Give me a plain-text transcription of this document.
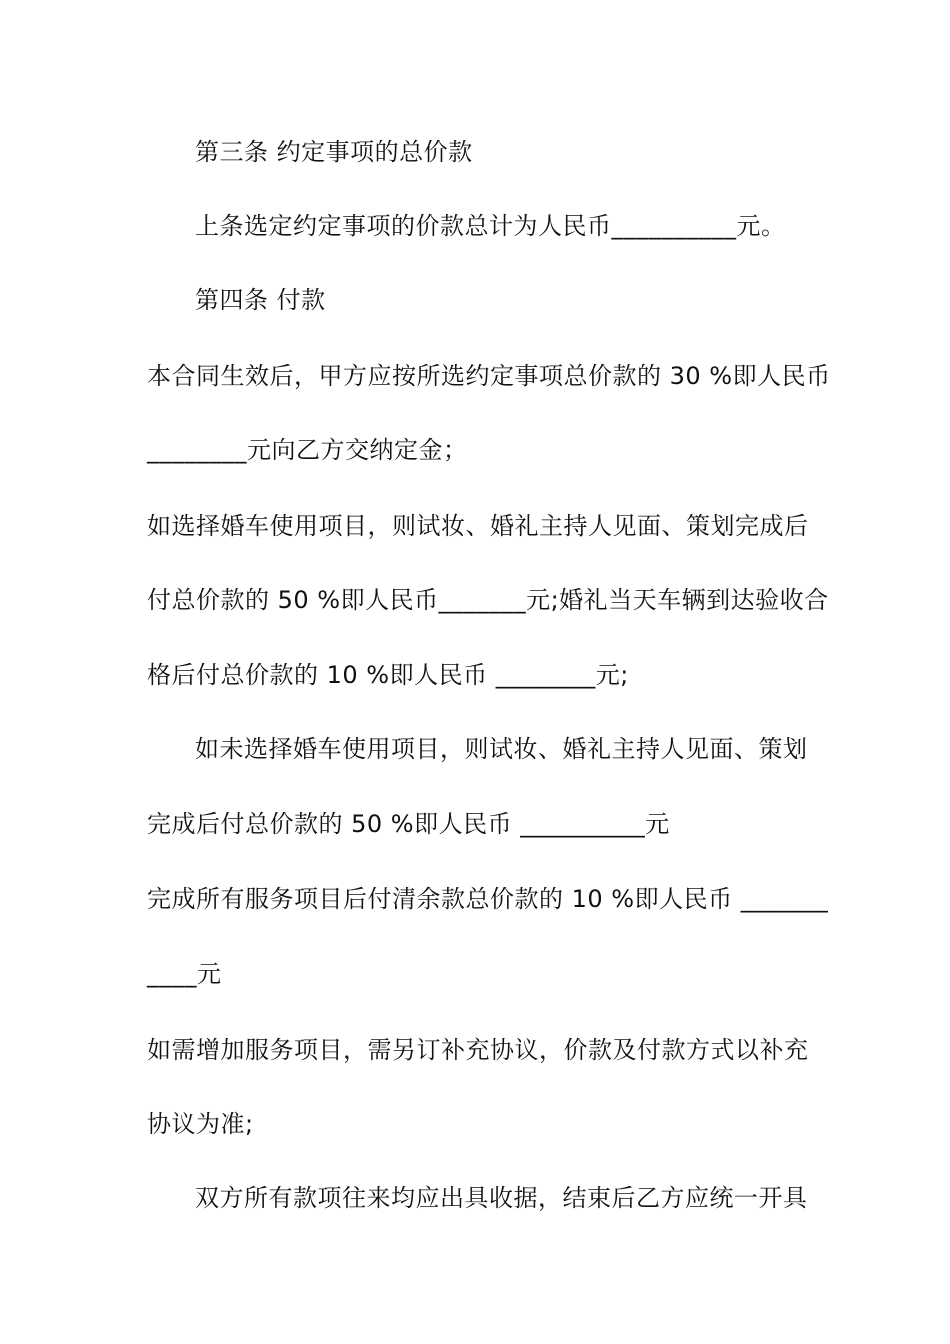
第三条 约定事项的总价款
上条选定约定事项的价款总计为人民币__________元。
第四条 付款
本合同生效后，甲方应按所选约定事项总价款的 30 %即人民币
________元向乙方交纳定金；
如选择婚车使用项目，则试妆、婚礼主持人见面、策划完成后
付总价款的 50 %即人民币_______元;婚礼当天车辆到达验收合
格后付总价款的 10 %即人民币 ________元;
如未选择婚车使用项目，则试妆、婚礼主持人见面、策划
完成后付总价款的 50 %即人民币 __________元
完成所有服务项目后付清余款总价款的 10 %即人民币 _______
____元
如需增加服务项目，需另订补充协议，价款及付款方式以补充
协议为准;
双方所有款项往来均应出具收据，结束后乙方应统一开具
